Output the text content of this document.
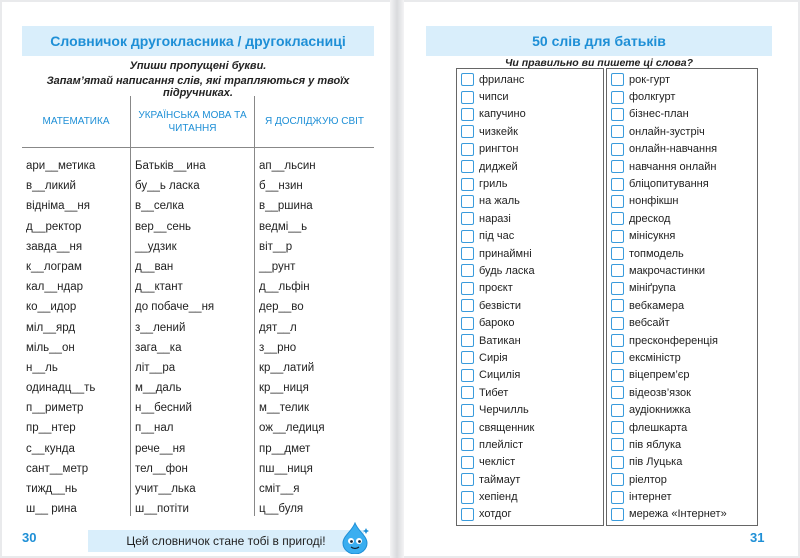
Словничок другокласника / другокласниці
Упиши пропущені букви.
Запам’ятай написання слів, які трапляються у твоїх підручниках.
МАТЕМАТИКА
ари__метика
в__ликий
відніма__ня
д__ректор
завда__ня
к__лограм
кал__ндар
ко__идор
міл__ярд
міль__он
н__ль
одинадц__ть
п__риметр
пр__нтер
с__кунда
сант__метр
тижд__нь
ш__ рина
УКРАЇНСЬКА МОВА ТА ЧИТАННЯ
Батьків__ина
бу__ь ласка
в__селка
вер__сень
__удзик
д__ван
д__ктант
до побаче__ня
з__лений
зага__ка
літ__ра
м__даль
н__бесний
п__нал
рече__ня
тел__фон
учит__лька
ш__потіти
Я ДОСЛІДЖУЮ СВІТ
ап__льсин
б__нзин
в__ршина
ведмі__ь
віт__р
__рунт
д__льфін
дер__во
дят__л
з__рно
кр__латий
кр__ниця
м__телик
ож__ледиця
пр__дмет
пш__ниця
сміт__я
ц__буля
30	Цей словничок стане тобі в пригоді!
50 слів для батьків
Чи правильно ви пишете ці слова?
фриланс
чипси
капучино
чизкейк
рингтон
диджей
гриль
на жаль
наразі
під час
принаймні
будь ласка
проєкт
безвісти
бароко
Ватикан
Сирія
Сицилія
Тибет
Черчилль
священник
плейліст
чекліст
таймаут
хепіенд
хотдог
рок-гурт
фолкгурт
бізнес-план
онлайн-зустріч
онлайн-навчання
навчання онлайн
бліцопитування
нонфікшн
дрескод
мінісукня
топмодель
макрочастинки
мініґрупа
вебкамера
вебсайт
пресконференція
ексміністр
віцепрем’єр
відеозв’язок
аудіокнижка
флешкарта
пів яблука
пів Луцька
ріелтор
інтернет
мережа «Інтернет»
31
